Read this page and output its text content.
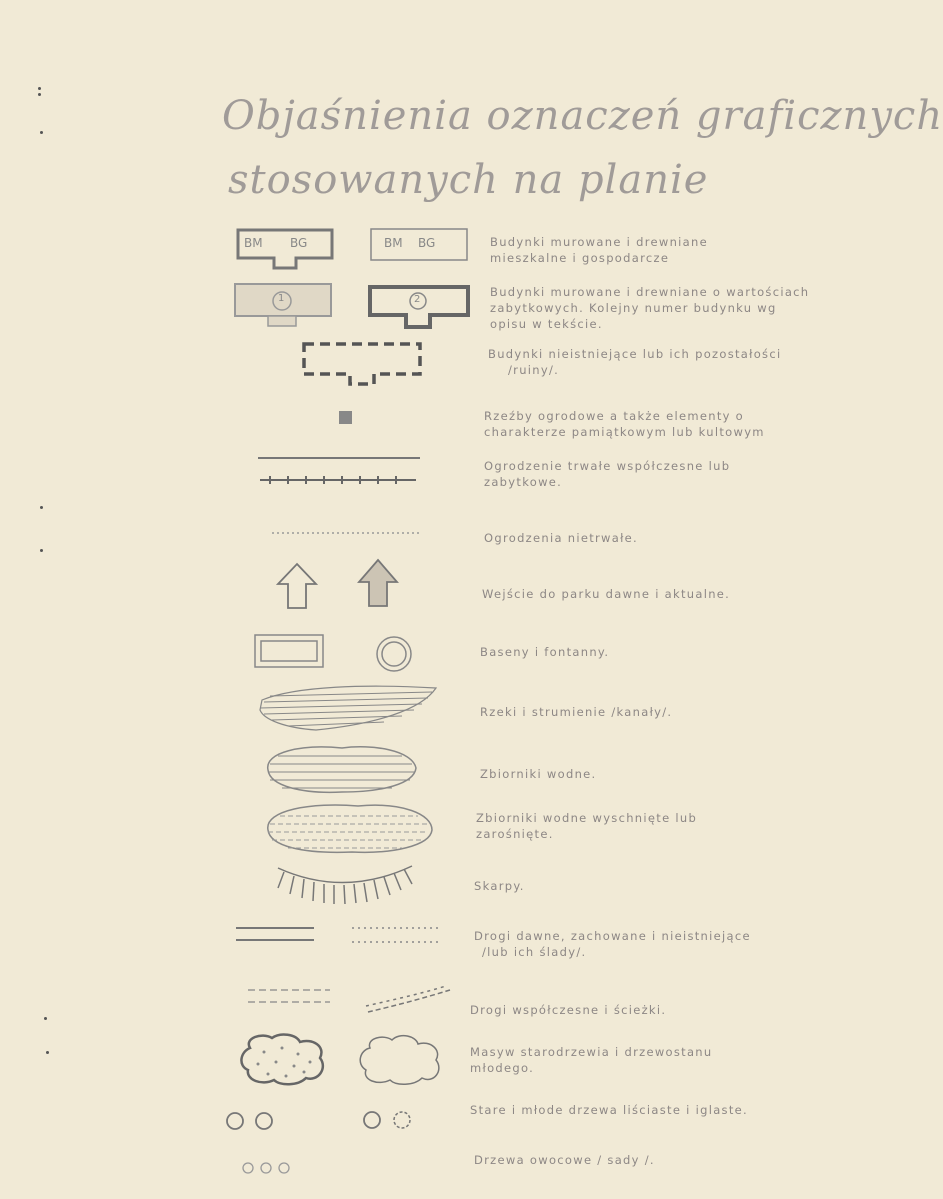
Objaśnienia oznaczeń graficznych
stosowanych na planie
BM BG	BM BG
1	2
Budynki murowane i drewniane
mieszkalne i gospodarcze
Budynki murowane i drewniane o wartościach
zabytkowych. Kolejny numer budynku wg
opisu w tekście.
Budynki nieistniejące lub ich pozostałości
/ruiny/.
Rzeźby ogrodowe a także elementy o
charakterze pamiątkowym lub kultowym
Ogrodzenie trwałe współczesne lub
zabytkowe.
Ogrodzenia nietrwałe.
Wejście do parku dawne i aktualne.
Baseny i fontanny.
Rzeki i strumienie /kanały/.
Zbiorniki wodne.
Zbiorniki wodne wyschnięte lub
zarośnięte.
Skarpy.
Drogi dawne, zachowane i nieistniejące
/lub ich ślady/.
Drogi współczesne i ścieżki.
Masyw starodrzewia i drzewostanu
młodego.
Stare i młode drzewa liściaste i iglaste.
Drzewa owocowe / sady /.
